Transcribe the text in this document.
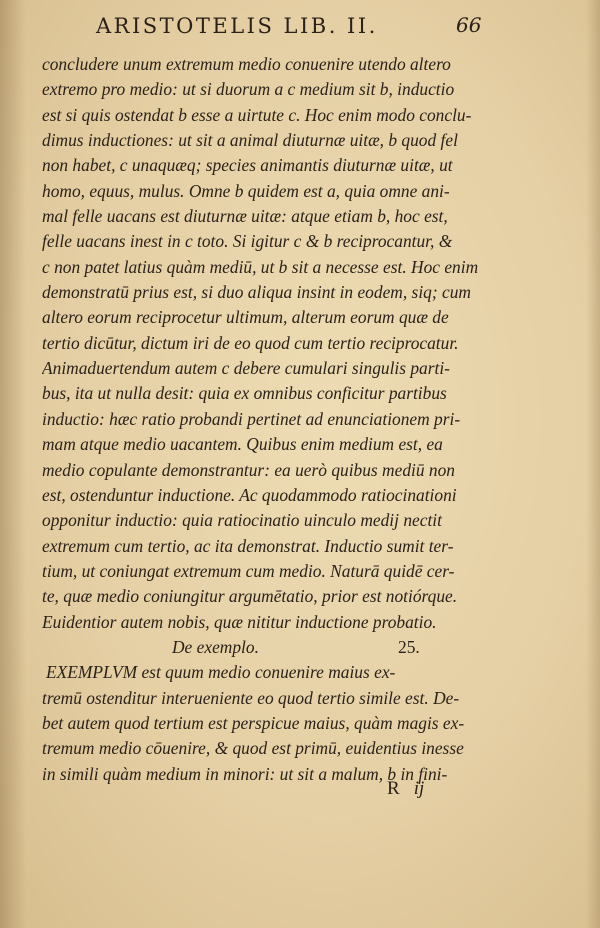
ARISTOTELIS LIB. II.	66
concludere unum extremum medio conuenire utendo altero
extremo pro medio: ut si duorum a c medium sit b, inductio
est si quis ostendat b esse a uirtute c. Hoc enim modo conclu-
dimus inductiones: ut sit a animal diuturnæ uitæ, b quod fel
non habet, c unaquæq; species animantis diuturnæ uitæ, ut
homo, equus, mulus. Omne b quidem est a, quia omne ani-
mal felle uacans est diuturnæ uitæ: atque etiam b, hoc est,
felle uacans inest in c toto. Si igitur c & b reciprocantur, &
c non patet latius quàm mediū, ut b sit a necesse est. Hoc enim
demonstratū prius est, si duo aliqua insint in eodem, siq; cum
altero eorum reciprocetur ultimum, alterum eorum quæ de
tertio dicūtur, dictum iri de eo quod cum tertio reciprocatur.
Animaduertendum autem c debere cumulari singulis parti-
bus, ita ut nulla desit: quia ex omnibus conficitur partibus
inductio: hæc ratio probandi pertinet ad enunciationem pri-
mam atque medio uacantem. Quibus enim medium est, ea
medio copulante demonstrantur: ea uerò quibus mediū non
est, ostenduntur inductione. Ac quodammodo ratiocinationi
opponitur inductio: quia ratiocinatio uinculo medij nectit
extremum cum tertio, ac ita demonstrat. Inductio sumit ter-
tium, ut coniungat extremum cum medio. Naturā quidē cer-
te, quæ medio coniungitur argumētatio, prior est notiórque.
Euidentior autem nobis, quæ nititur inductione probatio.
De exemplo.	25.
EXEMPLVM est quum medio conuenire maius ex-
tremū ostenditur interueniente eo quod tertio simile est. De-
bet autem quod tertium est perspicue maius, quàm magis ex-
tremum medio cōuenire, & quod est primū, euidentius inesse
in simili quàm medium in minori: ut sit a malum, b in fini-
R ij
